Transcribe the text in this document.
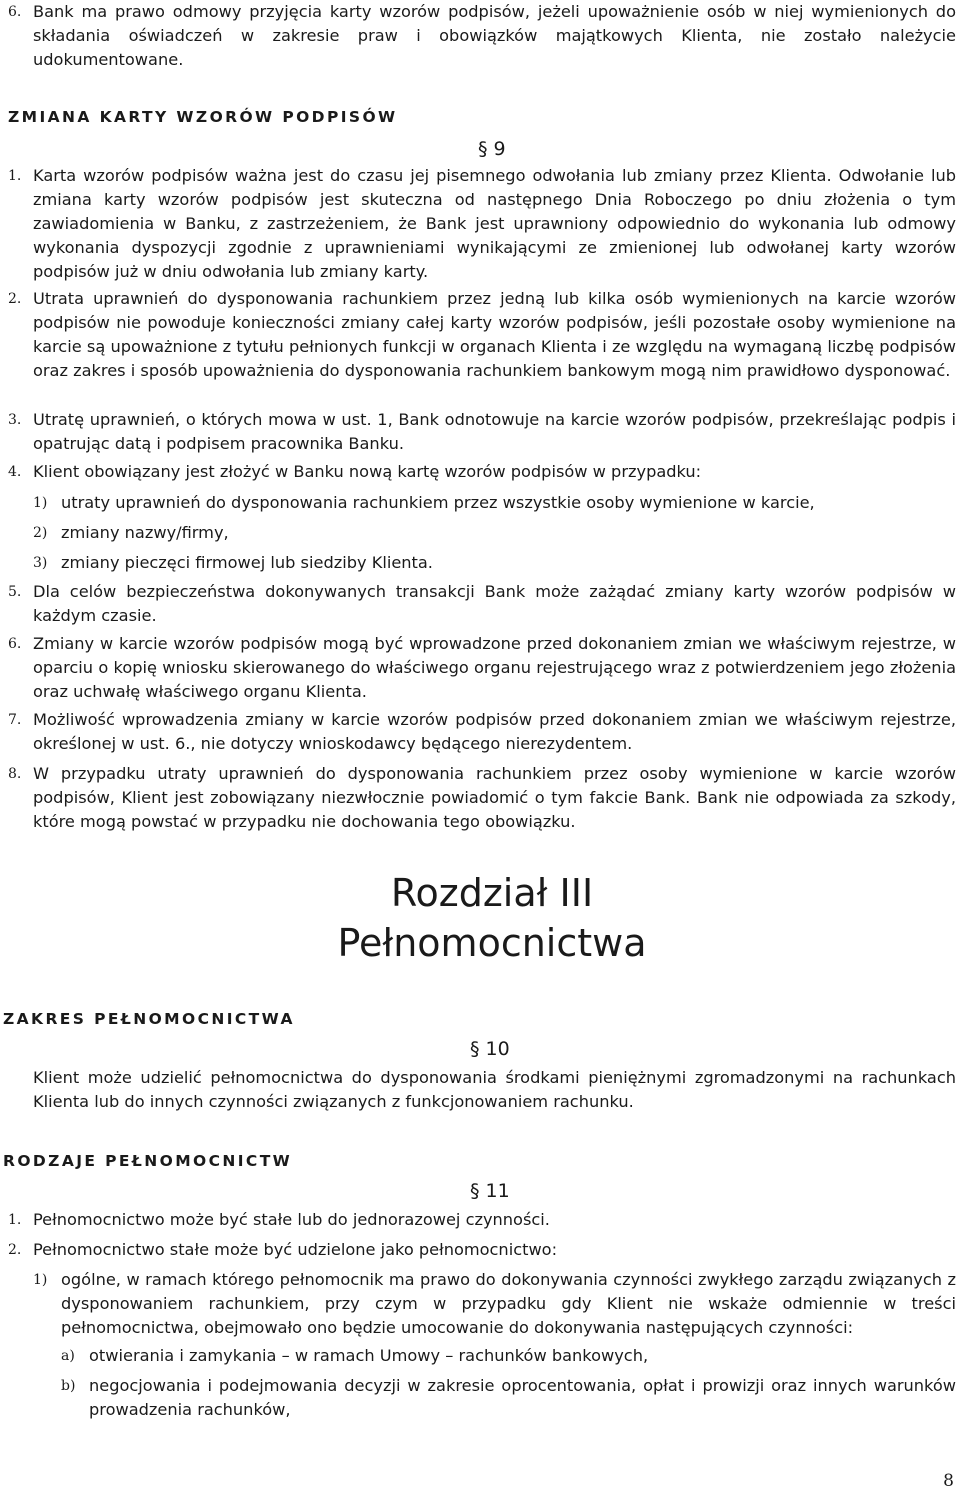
6. Bank ma prawo odmowy przyjęcia karty wzorów podpisów, jeżeli upoważnienie osób w niej wymienionych do składania oświadczeń w zakresie praw i obowiązków majątkowych Klienta, nie zostało należycie udokumentowane.
ZMIANA KARTY WZORÓW PODPISÓW
§ 9
1. Karta wzorów podpisów ważna jest do czasu jej pisemnego odwołania lub zmiany przez Klienta. Odwołanie lub zmiana karty wzorów podpisów jest skuteczna od następnego Dnia Roboczego po dniu złożenia o tym zawiadomienia w Banku, z zastrzeżeniem, że Bank jest uprawniony odpowiednio do wykonania lub odmowy wykonania dyspozycji zgodnie z uprawnieniami wynikającymi ze zmienionej lub odwołanej karty wzorów podpisów już w dniu odwołania lub zmiany karty.
2. Utrata uprawnień do dysponowania rachunkiem przez jedną lub kilka osób wymienionych na karcie wzorów podpisów nie powoduje konieczności zmiany całej karty wzorów podpisów, jeśli pozostałe osoby wymienione na karcie są upoważnione z tytułu pełnionych funkcji w organach Klienta i ze względu na wymaganą liczbę podpisów oraz zakres i sposób upoważnienia do dysponowania rachunkiem bankowym mogą nim prawidłowo dysponować.
3. Utratę uprawnień, o których mowa w ust. 1, Bank odnotowuje na karcie wzorów podpisów, przekreślając podpis i opatrując datą i podpisem pracownika Banku.
4. Klient obowiązany jest złożyć w Banku nową kartę wzorów podpisów w przypadku:
1) utraty uprawnień do dysponowania rachunkiem przez wszystkie osoby wymienione w karcie,
2) zmiany nazwy/firmy,
3) zmiany pieczęci firmowej lub siedziby Klienta.
5. Dla celów bezpieczeństwa dokonywanych transakcji Bank może zażądać zmiany karty wzorów podpisów w każdym czasie.
6. Zmiany w karcie wzorów podpisów mogą być wprowadzone przed dokonaniem zmian we właściwym rejestrze, w oparciu o kopię wniosku skierowanego do właściwego organu rejestrującego wraz z potwierdzeniem jego złożenia oraz uchwałę właściwego organu Klienta.
7. Możliwość wprowadzenia zmiany w karcie wzorów podpisów przed dokonaniem zmian we właściwym rejestrze, określonej w ust. 6., nie dotyczy wnioskodawcy będącego nierezydentem.
8. W przypadku utraty uprawnień do dysponowania rachunkiem przez osoby wymienione w karcie wzorów podpisów, Klient jest zobowiązany niezwłocznie powiadomić o tym fakcie Bank. Bank nie odpowiada za szkody, które mogą powstać w przypadku nie dochowania tego obowiązku.
Rozdział III
Pełnomocnictwa
ZAKRES PEŁNOMOCNICTWA
§ 10
Klient może udzielić pełnomocnictwa do dysponowania środkami pieniężnymi zgromadzonymi na rachunkach Klienta lub do innych czynności związanych z funkcjonowaniem rachunku.
RODZAJE PEŁNOMOCNICTW
§ 11
1. Pełnomocnictwo może być stałe lub do jednorazowej czynności.
2. Pełnomocnictwo stałe może być udzielone jako pełnomocnictwo:
1) ogólne, w ramach którego pełnomocnik ma prawo do dokonywania czynności zwykłego zarządu związanych z dysponowaniem rachunkiem, przy czym w przypadku gdy Klient nie wskaże odmiennie w treści pełnomocnictwa, obejmowało ono będzie umocowanie do dokonywania następujących czynności:
a) otwierania i zamykania – w ramach Umowy – rachunków bankowych,
b) negocjowania i podejmowania decyzji w zakresie oprocentowania, opłat i prowizji oraz innych warunków prowadzenia rachunków,
8
